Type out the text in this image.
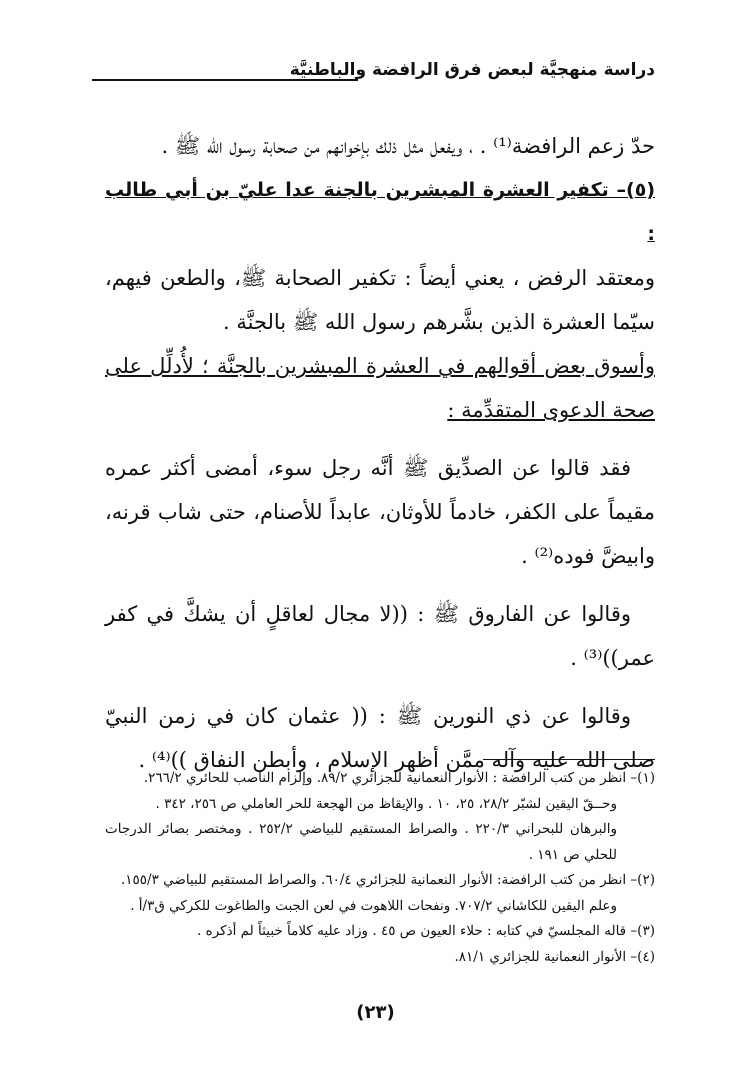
دراسة منهجيَّة لبعض فرق الرافضة والباطنيَّة

حدّ زعم الرافضة⁽¹⁾ . ، ويفعل مثل ذلك بإخوانهم من صحابة رسول الله ﷺ .

(٥)– تكفير العشرة المبشرين بالجنة عدا عليّ بن أبي طالب :

ومعتقد الرفض ، يعني أيضاً : تكفير الصحابة ﷺ، والطعن فيهم، سيّما العشرة الذين بشَّرهم رسول الله ﷺ بالجنَّة .

وأسوق بعض أقوالهم في العشرة المبشرين بالجنَّة ؛ لأُدلِّل على صحة الدعوى المتقدِّمة :

فقد قالوا عن الصدِّيق ﷺ أنَّه رجل سوء، أمضى أكثر عمره مقيماً على الكفر، خادماً للأوثان، عابداً للأصنام، حتى شاب قرنه، وابيضَّ فوده⁽²⁾ .

وقالوا عن الفاروق ﷺ : ((لا مجال لعاقلٍ أن يشكَّ في كفر عمر))⁽³⁾ .

وقالوا عن ذي النورين ﷺ : (( عثمان كان في زمن النبيّ صلى الله عليه وآله ممَّن أظهر الإسلام ، وأبطن النفاق ))⁽⁴⁾ .

(١)– انظر من كتب الرافضة : الأنوار النعمانية للجزائري ٨٩/٢. وإلزام الناصب للحائري ٢٦٦/٢.

وحــقّ اليقين لشبّر ٢٨/٢، ٢٥، ١٠ . والإيقاظ من الهجعة للحر العاملي ص ٢٥٦، ٣٤٢ .

والبرهان للبحراني ٢٢٠/٣ . والصراط المستقيم للبياضي ٢٥٢/٢ . ومختصر بصائر الدرجات للحلي ص ١٩١ .

(٢)– انظر من كتب الرافضة: الأنوار النعمانية للجزائري ٦٠/٤. والصراط المستقيم للبياضي ١٥٥/٣.

وعلم اليقين للكاشاني ٧٠٧/٢. ونفحات اللاهوت في لعن الجبت والطاغوت للكركي ق٣/أ .

(٣)– قاله المجلسيّ في كتابه : حلاء العيون ص ٤٥ . وزاد عليه كلاماً خبيثاً لم أذكره .

(٤)– الأنوار النعمانية للجزائري ٨١/١.

(٢٣)
